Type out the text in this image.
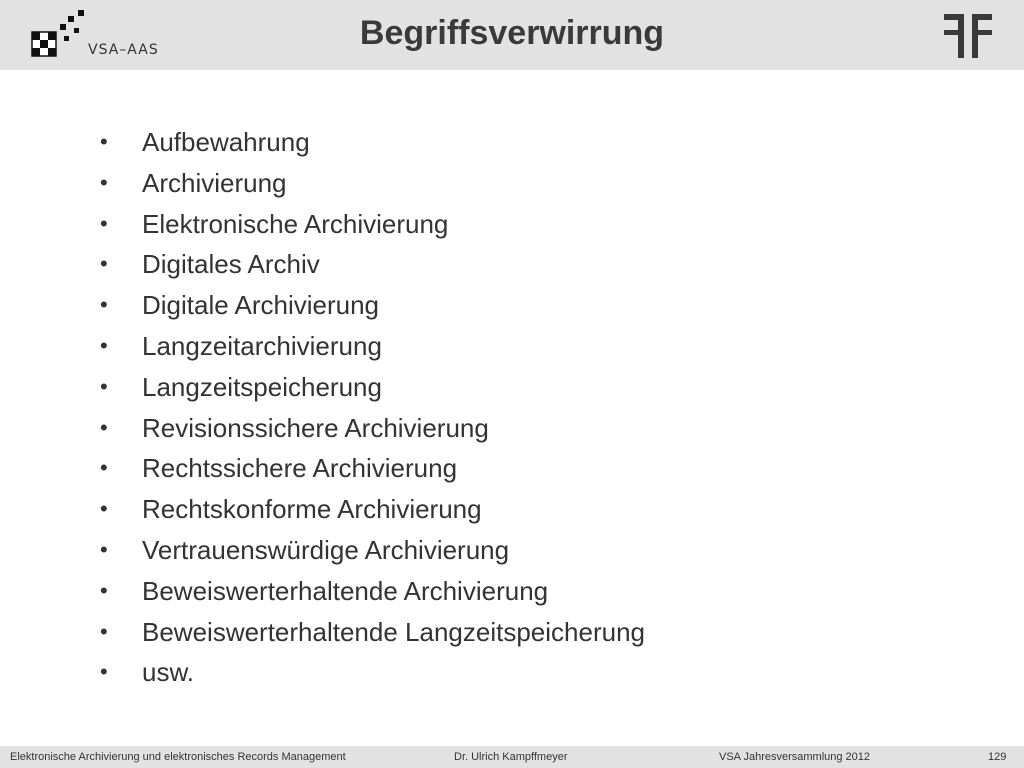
VSA–AAS	Begriffsverwirrung
• Aufbewahrung
• Archivierung
• Elektronische Archivierung
• Digitales Archiv
• Digitale Archivierung
• Langzeitarchivierung
• Langzeitspeicherung
• Revisionssichere Archivierung
• Rechtssichere Archivierung
• Rechtskonforme Archivierung
• Vertrauenswürdige Archivierung
• Beweiswerterhaltende Archivierung
• Beweiswerterhaltende Langzeitspeicherung
• usw.
Elektronische Archivierung und elektronisches Records Management	Dr. Ulrich Kampffmeyer	VSA Jahresversammlung 2012	129
